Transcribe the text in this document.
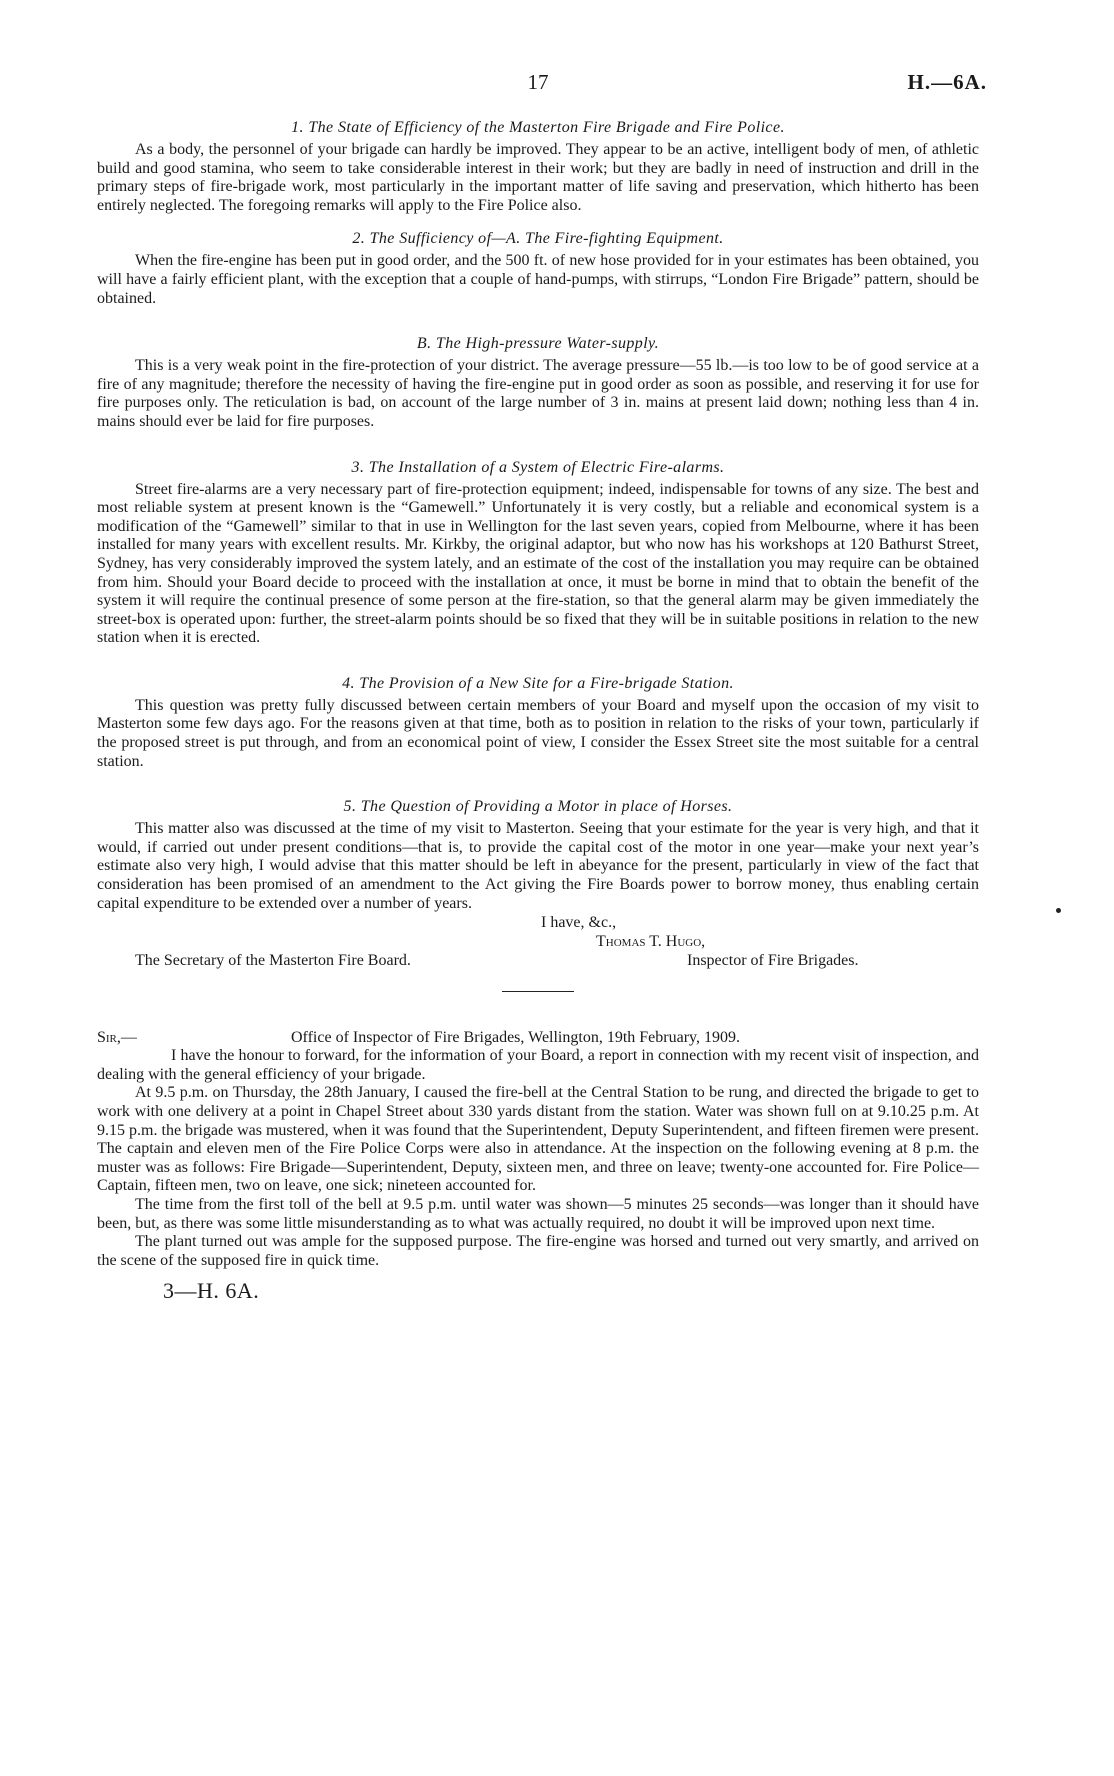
17	H.—6A.
1. The State of Efficiency of the Masterton Fire Brigade and Fire Police.

As a body, the personnel of your brigade can hardly be improved. They appear to be an active, intelligent body of men, of athletic build and good stamina, who seem to take considerable interest in their work; but they are badly in need of instruction and drill in the primary steps of fire-brigade work, most particularly in the important matter of life saving and preservation, which hitherto has been entirely neglected. The foregoing remarks will apply to the Fire Police also.

2. The Sufficiency of—A. The Fire-fighting Equipment.

When the fire-engine has been put in good order, and the 500 ft. of new hose provided for in your estimates has been obtained, you will have a fairly efficient plant, with the exception that a couple of hand-pumps, with stirrups, “London Fire Brigade” pattern, should be obtained.

B. The High-pressure Water-supply.

This is a very weak point in the fire-protection of your district. The average pressure—55 lb.—is too low to be of good service at a fire of any magnitude; therefore the necessity of having the fire-engine put in good order as soon as possible, and reserving it for use for fire purposes only. The reticulation is bad, on account of the large number of 3 in. mains at present laid down; nothing less than 4 in. mains should ever be laid for fire purposes.

3. The Installation of a System of Electric Fire-alarms.

Street fire-alarms are a very necessary part of fire-protection equipment; indeed, indispensable for towns of any size. The best and most reliable system at present known is the “Gamewell.” Unfortunately it is very costly, but a reliable and economical system is a modification of the “Gamewell” similar to that in use in Wellington for the last seven years, copied from Melbourne, where it has been installed for many years with excellent results. Mr. Kirkby, the original adaptor, but who now has his workshops at 120 Bathurst Street, Sydney, has very considerably improved the system lately, and an estimate of the cost of the installation you may require can be obtained from him. Should your Board decide to proceed with the installation at once, it must be borne in mind that to obtain the benefit of the system it will require the continual presence of some person at the fire-station, so that the general alarm may be given immediately the street-box is operated upon: further, the street-alarm points should be so fixed that they will be in suitable positions in relation to the new station when it is erected.

4. The Provision of a New Site for a Fire-brigade Station.

This question was pretty fully discussed between certain members of your Board and myself upon the occasion of my visit to Masterton some few days ago. For the reasons given at that time, both as to position in relation to the risks of your town, particularly if the proposed street is put through, and from an economical point of view, I consider the Essex Street site the most suitable for a central station.

5. The Question of Providing a Motor in place of Horses.

This matter also was discussed at the time of my visit to Masterton. Seeing that your estimate for the year is very high, and that it would, if carried out under present conditions—that is, to provide the capital cost of the motor in one year—make your next year’s estimate also very high, I would advise that this matter should be left in abeyance for the present, particularly in view of the fact that consideration has been promised of an amendment to the Act giving the Fire Boards power to borrow money, thus enabling certain capital expenditure to be extended over a number of years.

I have, &c.,
Thomas T. Hugo,
The Secretary of the Masterton Fire Board.	Inspector of Fire Brigades.
Sir,—	Office of Inspector of Fire Brigades, Wellington, 19th February, 1909.

I have the honour to forward, for the information of your Board, a report in connection with my recent visit of inspection, and dealing with the general efficiency of your brigade.

At 9.5 p.m. on Thursday, the 28th January, I caused the fire-bell at the Central Station to be rung, and directed the brigade to get to work with one delivery at a point in Chapel Street about 330 yards distant from the station. Water was shown full on at 9.10.25 p.m. At 9.15 p.m. the brigade was mustered, when it was found that the Superintendent, Deputy Superintendent, and fifteen firemen were present. The captain and eleven men of the Fire Police Corps were also in attendance. At the inspection on the following evening at 8 p.m. the muster was as follows: Fire Brigade—Superintendent, Deputy, sixteen men, and three on leave; twenty-one accounted for. Fire Police—Captain, fifteen men, two on leave, one sick; nineteen accounted for.

The time from the first toll of the bell at 9.5 p.m. until water was shown—5 minutes 25 seconds—was longer than it should have been, but, as there was some little misunderstanding as to what was actually required, no doubt it will be improved upon next time.

The plant turned out was ample for the supposed purpose. The fire-engine was horsed and turned out very smartly, and arrived on the scene of the supposed fire in quick time.

3—H. 6A.
